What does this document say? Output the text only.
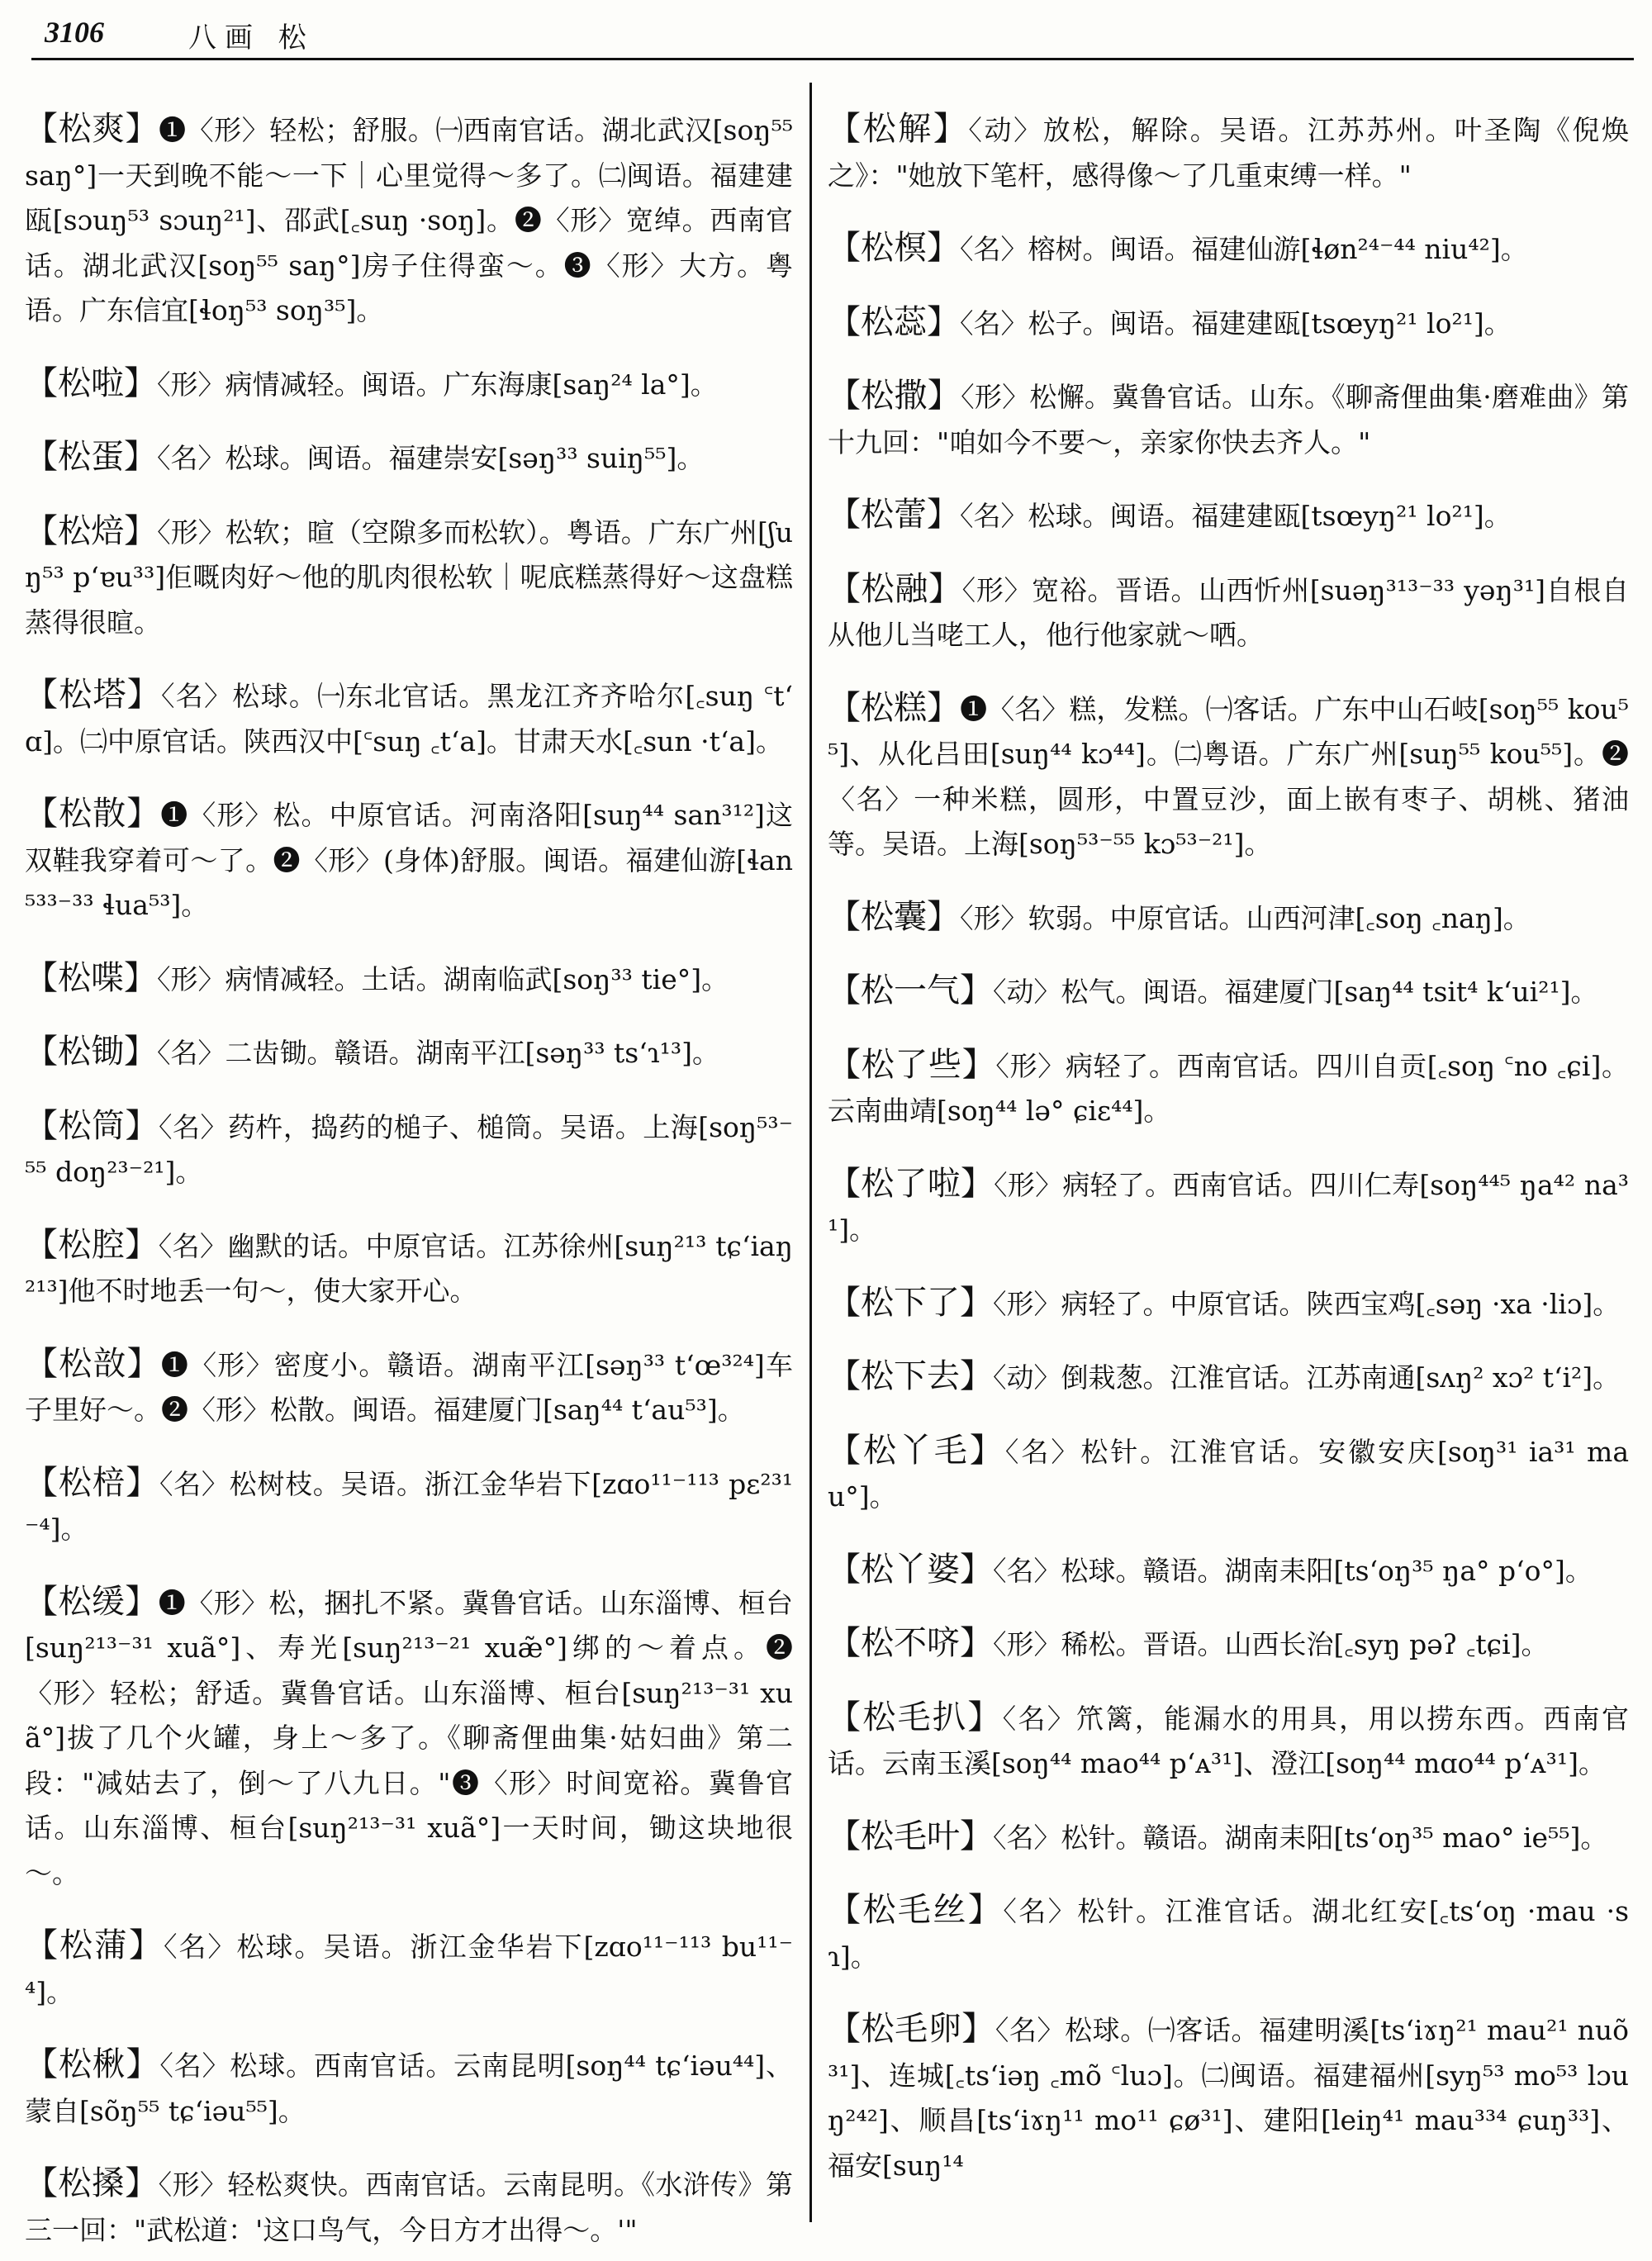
3106	八画 松

【松爽】❶〈形〉轻松；舒服。㈠西南官话。湖北武汉[soŋ⁵⁵ saŋ°]一天到晚不能～一下｜心里觉得～多了。㈡闽语。福建建瓯[sɔuŋ⁵³ sɔuŋ²¹]、邵武[꜀suŋ ·soŋ]。❷〈形〉宽绰。西南官话。湖北武汉[soŋ⁵⁵ saŋ°]房子住得蛮～。❸〈形〉大方。粤语。广东信宜[ɬoŋ⁵³ soŋ³⁵]。

【松啦】〈形〉病情减轻。闽语。广东海康[saŋ²⁴ la°]。

【松蛋】〈名〉松球。闽语。福建崇安[səŋ³³ suiŋ⁵⁵]。

【松焙】〈形〉松软；暄（空隙多而松软）。粤语。广东广州[ʃuŋ⁵³ pʻɐu³³]佢嘅肉好～他的肌肉很松软｜呢底糕蒸得好～这盘糕蒸得很暄。

【松塔】〈名〉松球。㈠东北官话。黑龙江齐齐哈尔[꜀suŋ ꜂tʻɑ]。㈡中原官话。陕西汉中[꜂suŋ ꜀tʻa]。甘肃天水[꜀sun ·tʻa]。

【松散】❶〈形〉松。中原官话。河南洛阳[suŋ⁴⁴ san³¹²]这双鞋我穿着可～了。❷〈形〉(身体)舒服。闽语。福建仙游[ɬan⁵³³⁻³³ ɬua⁵³]。

【松喋】〈形〉病情减轻。土话。湖南临武[soŋ³³ tie°]。

【松锄】〈名〉二齿锄。赣语。湖南平江[səŋ³³ tsʻɿ¹³]。

【松筒】〈名〉药杵，捣药的槌子、槌筒。吴语。上海[soŋ⁵³⁻⁵⁵ doŋ²³⁻²¹]。

【松腔】〈名〉幽默的话。中原官话。江苏徐州[suŋ²¹³ tɕʻiaŋ²¹³]他不时地丢一句～，使大家开心。

【松敨】❶〈形〉密度小。赣语。湖南平江[səŋ³³ tʻœ³²⁴]车子里好～。❷〈形〉松散。闽语。福建厦门[saŋ⁴⁴ tʻau⁵³]。

【松棓】〈名〉松树枝。吴语。浙江金华岩下[zɑo¹¹⁻¹¹³ pɛ²³¹⁻⁴]。

【松缓】❶〈形〉松，捆扎不紧。冀鲁官话。山东淄博、桓台[suŋ²¹³⁻³¹ xuã°]、寿光[suŋ²¹³⁻²¹ xuæ̃°]绑的～着点。❷〈形〉轻松；舒适。冀鲁官话。山东淄博、桓台[suŋ²¹³⁻³¹ xuã°]拔了几个火罐，身上～多了。《聊斋俚曲集·姑妇曲》第二段："减姑去了，倒～了八九日。"❸〈形〉时间宽裕。冀鲁官话。山东淄博、桓台[suŋ²¹³⁻³¹ xuã°]一天时间，锄这块地很～。

【松蒲】〈名〉松球。吴语。浙江金华岩下[zɑo¹¹⁻¹¹³ bu¹¹⁻⁴]。

【松楸】〈名〉松球。西南官话。云南昆明[soŋ⁴⁴ tɕʻiəu⁴⁴]、蒙自[sõŋ⁵⁵ tɕʻiəu⁵⁵]。

【松搡】〈形〉轻松爽快。西南官话。云南昆明。《水浒传》第三一回："武松道：'这口鸟气，今日方才出得～。'"

【松解】〈动〉放松，解除。吴语。江苏苏州。叶圣陶《倪焕之》："她放下笔杆，感得像～了几重束缚一样。"

【松榠】〈名〉榕树。闽语。福建仙游[ɬøn²⁴⁻⁴⁴ niu⁴²]。

【松蕊】〈名〉松子。闽语。福建建瓯[tsœyŋ²¹ lo²¹]。

【松撒】〈形〉松懈。冀鲁官话。山东。《聊斋俚曲集·磨难曲》第十九回："咱如今不要～，亲家你快去齐人。"

【松蕾】〈名〉松球。闽语。福建建瓯[tsœyŋ²¹ lo²¹]。

【松融】〈形〉宽裕。晋语。山西忻州[suəŋ³¹³⁻³³ yəŋ³¹]自根自从他儿当咾工人，他行他家就～哂。

【松糕】❶〈名〉糕，发糕。㈠客话。广东中山石岐[soŋ⁵⁵ kou⁵⁵]、从化吕田[suŋ⁴⁴ kɔ⁴⁴]。㈡粤语。广东广州[suŋ⁵⁵ kou⁵⁵]。❷〈名〉一种米糕，圆形，中置豆沙，面上嵌有枣子、胡桃、猪油等。吴语。上海[soŋ⁵³⁻⁵⁵ kɔ⁵³⁻²¹]。

【松囊】〈形〉软弱。中原官话。山西河津[꜀soŋ ꜀naŋ]。

【松一气】〈动〉松气。闽语。福建厦门[saŋ⁴⁴ tsit⁴ kʻui²¹]。

【松了些】〈形〉病轻了。西南官话。四川自贡[꜀soŋ ꜂no ꜀ɕi]。云南曲靖[soŋ⁴⁴ lə° ɕiɛ⁴⁴]。

【松了啦】〈形〉病轻了。西南官话。四川仁寿[soŋ⁴⁴⁵ ŋa⁴² na³¹]。

【松下了】〈形〉病轻了。中原官话。陕西宝鸡[꜀səŋ ·xa ·liɔ]。

【松下去】〈动〉倒栽葱。江淮官话。江苏南通[sʌŋ² xɔ² tʻi²]。

【松丫毛】〈名〉松针。江淮官话。安徽安庆[soŋ³¹ ia³¹ mau°]。

【松丫婆】〈名〉松球。赣语。湖南耒阳[tsʻoŋ³⁵ ŋa° pʻo°]。

【松不哜】〈形〉稀松。晋语。山西长治[꜀syŋ pəʔ ꜀tɕi]。

【松毛扒】〈名〉笊篱，能漏水的用具，用以捞东西。西南官话。云南玉溪[soŋ⁴⁴ mao⁴⁴ pʻᴀ³¹]、澄江[soŋ⁴⁴ mɑo⁴⁴ pʻᴀ³¹]。

【松毛叶】〈名〉松针。赣语。湖南耒阳[tsʻoŋ³⁵ mao° ie⁵⁵]。

【松毛丝】〈名〉松针。江淮官话。湖北红安[꜀tsʻoŋ ·mau ·sɿ]。

【松毛卵】〈名〉松球。㈠客话。福建明溪[tsʻiɤŋ²¹ mau²¹ nuõ³¹]、连城[꜀tsʻiəŋ ꜀mõ ꜂luɔ]。㈡闽语。福建福州[syŋ⁵³ mo⁵³ lɔuŋ²⁴²]、顺昌[tsʻiɤŋ¹¹ mo¹¹ ɕø³¹]、建阳[leiŋ⁴¹ mau³³⁴ ɕuŋ³³]、福安[suŋ¹⁴
